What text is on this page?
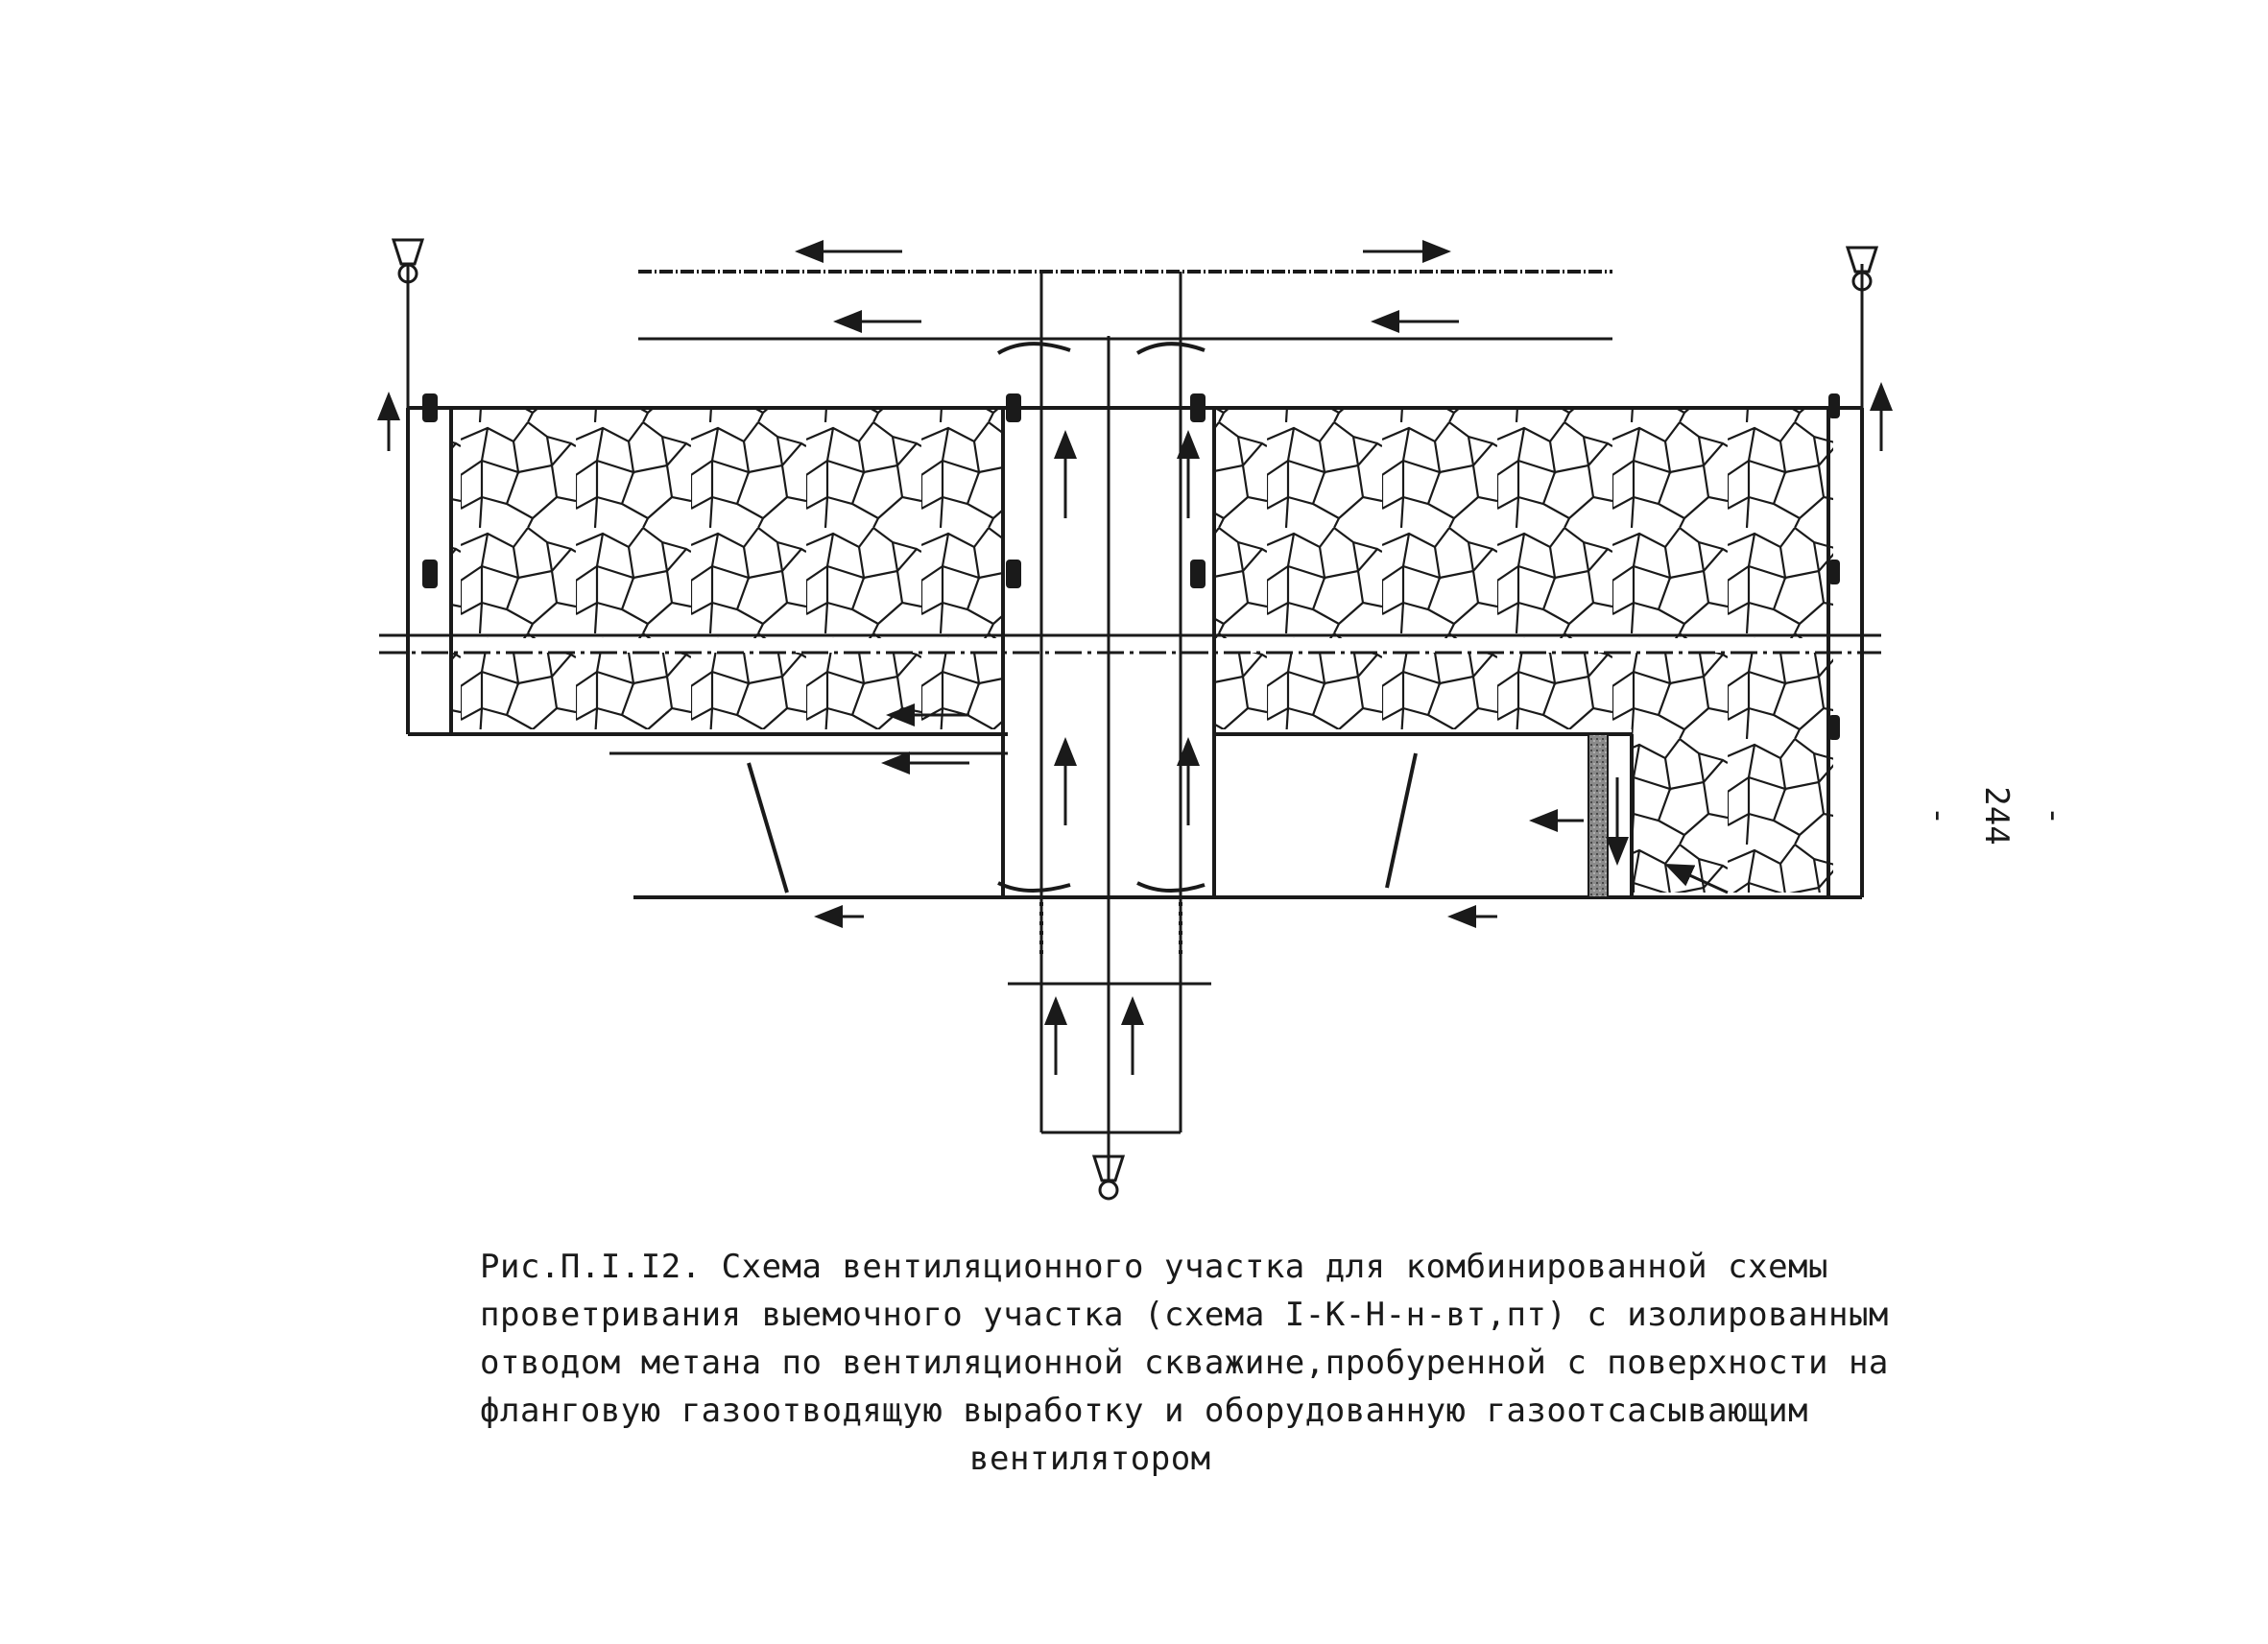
Рис.П.I.I2. Схема вентиляционного участка для комбинированной схемы
проветривания выемочного участка (схема I-К-Н-н-вт,пт) с изолированным
отводом метана по вентиляционной скважине,пробуренной с поверхности на
фланговую газоотводящую выработку и оборудованную газоотсасывающим
вентилятором
- 244 -
